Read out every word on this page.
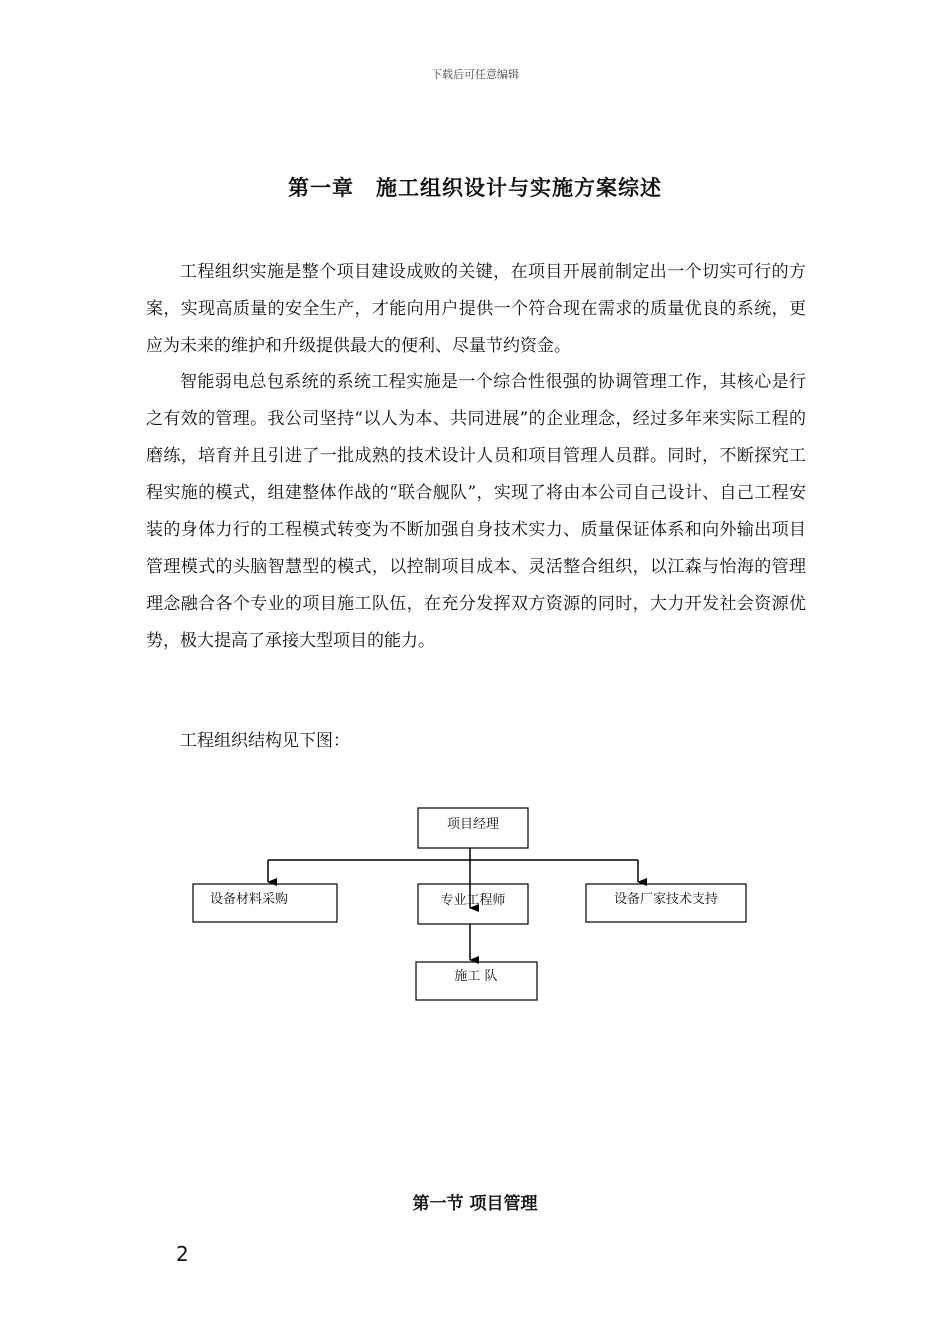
下载后可任意编辑
第一章　施工组织设计与实施方案综述

工程组织实施是整个项目建设成败的关键，在项目开展前制定出一个切实可行的方案，实现高质量的安全生产，才能向用户提供一个符合现在需求的质量优良的系统，更应为未来的维护和升级提供最大的便利、尽量节约资金。

智能弱电总包系统的系统工程实施是一个综合性很强的协调管理工作，其核心是行之有效的管理。我公司坚持“以人为本、共同进展”的企业理念，经过多年来实际工程的磨练，培育并且引进了一批成熟的技术设计人员和项目管理人员群。同时，不断探究工程实施的模式，组建整体作战的“联合舰队”，实现了将由本公司自己设计、自己工程安装的身体力行的工程模式转变为不断加强自身技术实力、质量保证体系和向外输出项目管理模式的头脑智慧型的模式，以控制项目成本、灵活整合组织，以江森与怡海的管理理念融合各个专业的项目施工队伍，在充分发挥双方资源的同时，大力开发社会资源优势，极大提高了承接大型项目的能力。

工程组织结构见下图：

项目经理
设备材料采购	专业工程师	设备厂家技术支持
施工 队
第一节 项目管理
2
